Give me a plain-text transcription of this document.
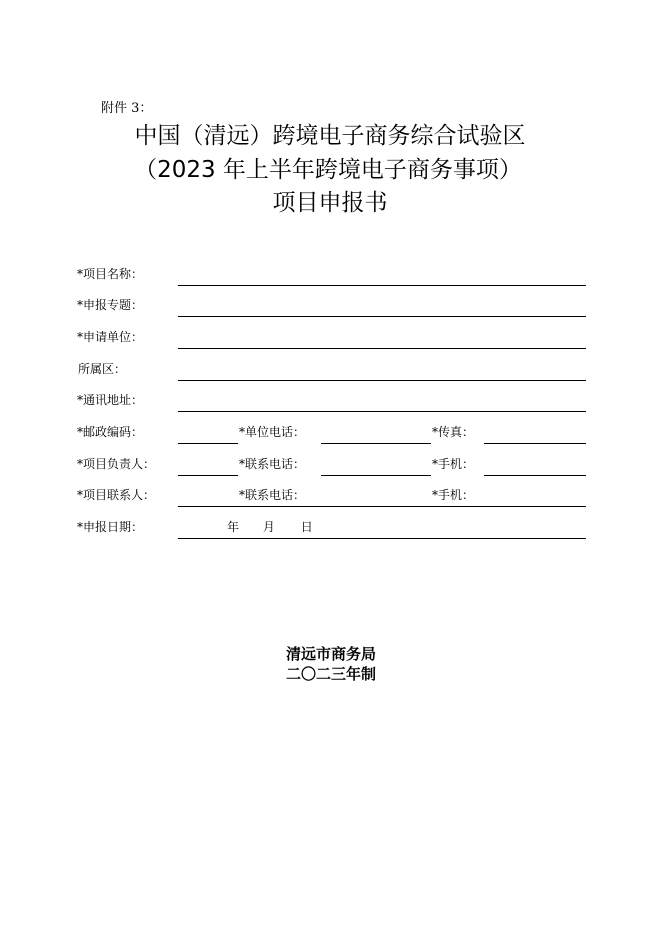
附件 3：
中国（清远）跨境电子商务综合试验区
（2023 年上半年跨境电子商务事项）
项目申报书
*项目名称：
*申报专题：
*申请单位：
所属区：
*通讯地址：
*邮政编码：	*单位电话：	*传真：
*项目负责人：	*联系电话：	*手机：
*项目联系人：	*联系电话：	*手机：
*申报日期：	年 月 日
清远市商务局
二〇二三年制
